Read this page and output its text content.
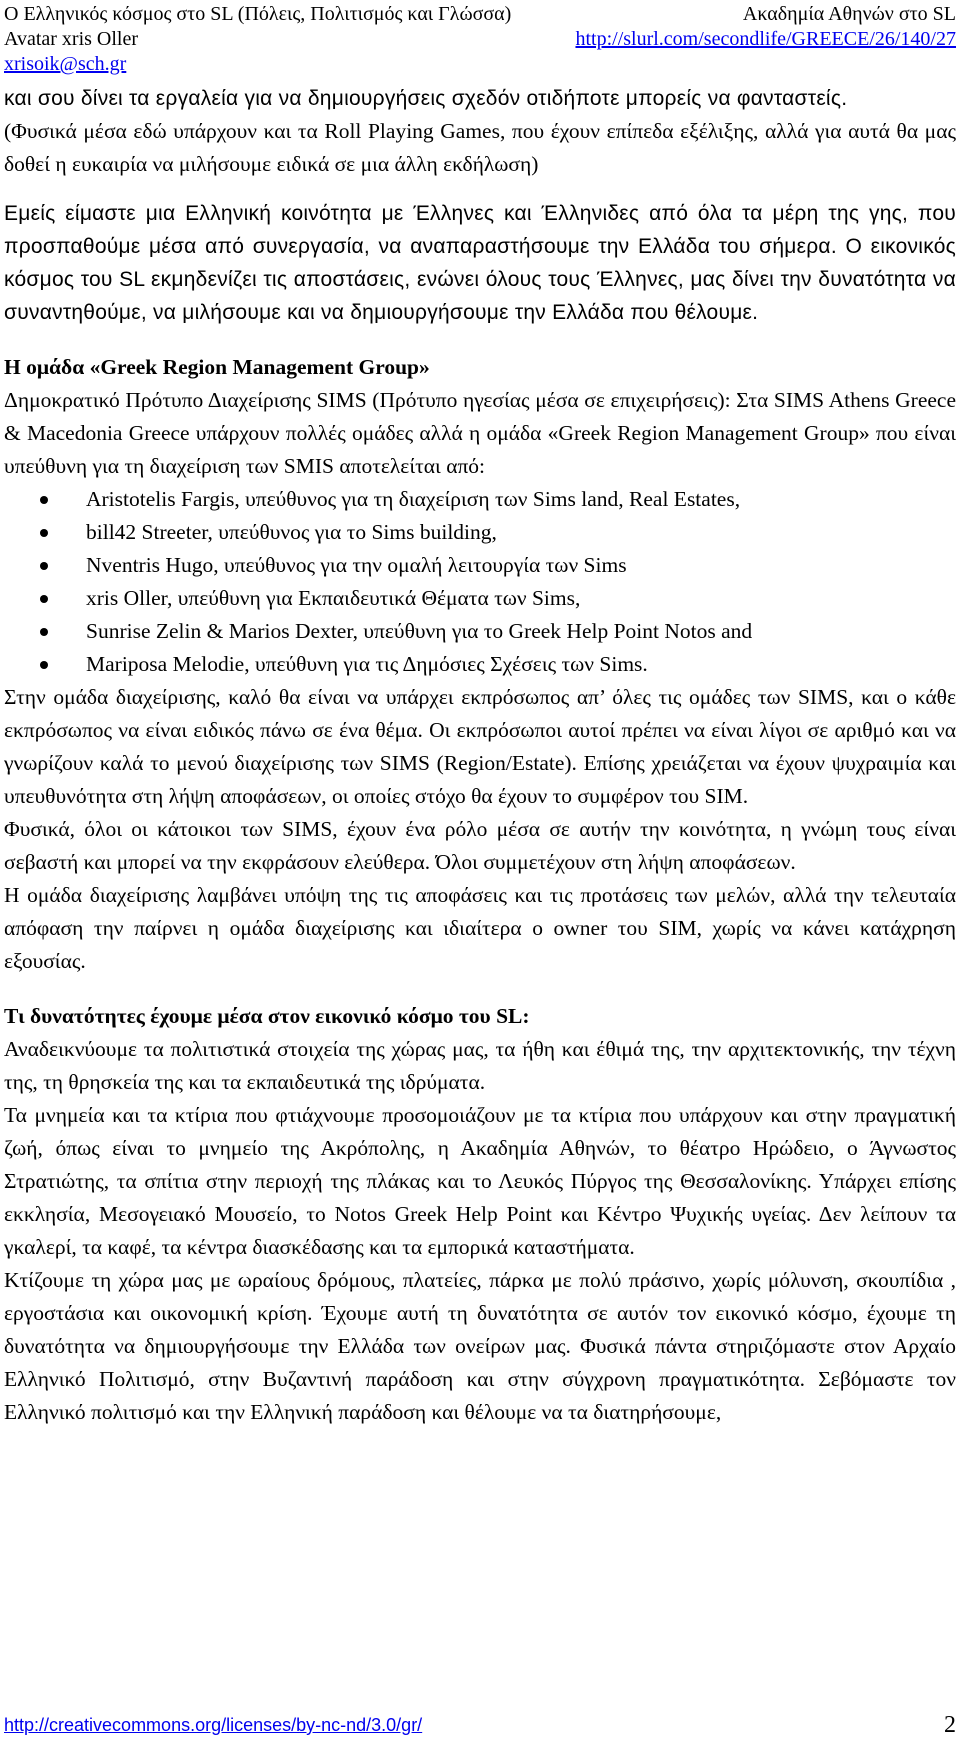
Ο Ελληνικός κόσμος στο SL (Πόλεις, Πολιτισμός και Γλώσσα)	Ακαδημία Αθηνών στο SL
Avatar xris Oller	http://slurl.com/secondlife/GREECE/26/140/27
xrisoik@sch.gr

και σου δίνει τα εργαλεία για να δημιουργήσεις σχεδόν οτιδήποτε μπορείς να φανταστείς.

(Φυσικά μέσα εδώ υπάρχουν και τα Roll Playing Games, που έχουν επίπεδα εξέλιξης, αλλά για αυτά θα μας δοθεί η ευκαιρία να μιλήσουμε ειδικά σε μια άλλη εκδήλωση)

Εμείς είμαστε μια Ελληνική κοινότητα με Έλληνες και Έλληνιδες από όλα τα μέρη της γης, που προσπαθούμε μέσα από συνεργασία, να αναπαραστήσουμε την Ελλάδα του σήμερα. Ο εικονικός κόσμος του SL εκμηδενίζει τις αποστάσεις, ενώνει όλους τους Έλληνες, μας δίνει την δυνατότητα να συναντηθούμε, να μιλήσουμε και να δημιουργήσουμε την Ελλάδα που θέλουμε.

Η ομάδα «Greek Region Management Group»

Δημοκρατικό Πρότυπο Διαχείρισης SIMS (Πρότυπο ηγεσίας μέσα σε επιχειρήσεις): Στα SIMS Athens Greece & Macedonia Greece υπάρχουν πολλές ομάδες αλλά η ομάδα «Greek Region Management Group» που είναι υπεύθυνη για τη διαχείριση των SMIS αποτελείται από:

Aristotelis Fargis, υπεύθυνος για τη διαχείριση των Sims land, Real Estates,
bill42 Streeter, υπεύθυνος για το Sims building,
Nventris Hugo, υπεύθυνος για την ομαλή λειτουργία των Sims
xris Oller, υπεύθυνη για Εκπαιδευτικά Θέματα των Sims,
Sunrise Zelin & Marios Dexter, υπεύθυνη για το Greek Help Point Notos and
Mariposa Melodie, υπεύθυνη για τις Δημόσιες Σχέσεις των Sims.

Στην ομάδα διαχείρισης, καλό θα είναι να υπάρχει εκπρόσωπος απ’ όλες τις ομάδες των SIMS, και ο κάθε εκπρόσωπος να είναι ειδικός πάνω σε ένα θέμα. Οι εκπρόσωποι αυτοί πρέπει να είναι λίγοι σε αριθμό και να γνωρίζουν καλά το μενού διαχείρισης των SIMS (Region/Estate). Επίσης χρειάζεται να έχουν ψυχραιμία και υπευθυνότητα στη λήψη αποφάσεων, οι οποίες στόχο θα έχουν το συμφέρον του SIM.

Φυσικά, όλοι οι κάτοικοι των SIMS, έχουν ένα ρόλο μέσα σε αυτήν την κοινότητα, η γνώμη τους είναι σεβαστή και μπορεί να την εκφράσουν ελεύθερα. Όλοι συμμετέχουν στη λήψη αποφάσεων.

Η ομάδα διαχείρισης λαμβάνει υπόψη της τις αποφάσεις και τις προτάσεις των μελών, αλλά την τελευταία απόφαση την παίρνει η ομάδα διαχείρισης και ιδιαίτερα ο owner του SIM, χωρίς να κάνει κατάχρηση εξουσίας.

Τι δυνατότητες έχουμε μέσα στον εικονικό κόσμο του SL:

Αναδεικνύουμε τα πολιτιστικά στοιχεία της χώρας μας, τα ήθη και έθιμά της, την αρχιτεκτονικής, την τέχνη της, τη θρησκεία της και τα εκπαιδευτικά της ιδρύματα.

Τα μνημεία και τα κτίρια που φτιάχνουμε προσομοιάζουν με τα κτίρια που υπάρχουν και στην πραγματική ζωή, όπως είναι το μνημείο της Ακρόπολης, η Ακαδημία Αθηνών, το θέατρο Ηρώδειο, ο Άγνωστος Στρατιώτης, τα σπίτια στην περιοχή της πλάκας και το Λευκός Πύργος της Θεσσαλονίκης. Υπάρχει επίσης εκκλησία, Μεσογειακό Μουσείο, το Notos Greek Help Point και Κέντρο Ψυχικής υγείας. Δεν λείπουν τα γκαλερί, τα καφέ, τα κέντρα διασκέδασης και τα εμπορικά καταστήματα.

Κτίζουμε τη χώρα μας με ωραίους δρόμους, πλατείες, πάρκα με πολύ πράσινο, χωρίς μόλυνση, σκουπίδια , εργοστάσια και οικονομική κρίση. Έχουμε αυτή τη δυνατότητα σε αυτόν τον εικονικό κόσμο, έχουμε τη δυνατότητα να δημιουργήσουμε την Ελλάδα των ονείρων μας. Φυσικά πάντα στηριζόμαστε στον Αρχαίο Ελληνικό Πολιτισμό, στην Βυζαντινή παράδοση και στην σύγχρονη πραγματικότητα. Σεβόμαστε τον Ελληνικό πολιτισμό και την Ελληνική παράδοση και θέλουμε να τα διατηρήσουμε,

http://creativecommons.org/licenses/by-nc-nd/3.0/gr/	2
